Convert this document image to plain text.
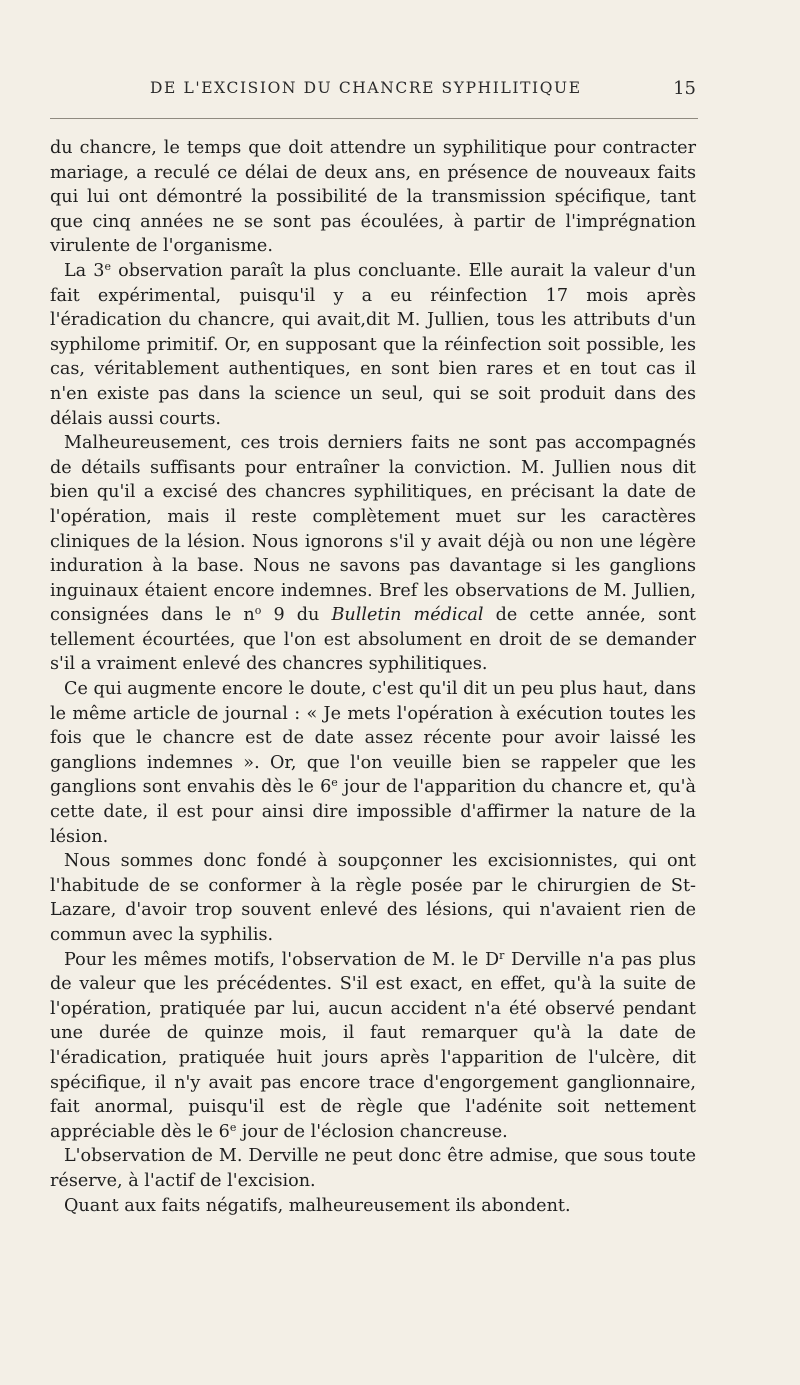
DE L'EXCISION DU CHANCRE SYPHILITIQUE	15

du chancre, le temps que doit attendre un syphilitique pour contracter mariage, a reculé ce délai de deux ans, en présence de nouveaux faits qui lui ont démontré la possibilité de la transmission spécifique, tant que cinq années ne se sont pas écoulées, à partir de l'imprégnation virulente de l'organisme.

La 3e observation paraît la plus concluante. Elle aurait la valeur d'un fait expérimental, puisqu'il y a eu réinfection 17 mois après l'éradication du chancre, qui avait,dit M. Jullien, tous les attributs d'un syphilome primitif. Or, en supposant que la réinfection soit possible, les cas, véritablement authentiques, en sont bien rares et en tout cas il n'en existe pas dans la science un seul, qui se soit produit dans des délais aussi courts.

Malheureusement, ces trois derniers faits ne sont pas accompagnés de détails suffisants pour entraîner la conviction. M. Jullien nous dit bien qu'il a excisé des chancres syphilitiques, en précisant la date de l'opération, mais il reste complètement muet sur les caractères cliniques de la lésion. Nous ignorons s'il y avait déjà ou non une légère induration à la base. Nous ne savons pas davantage si les ganglions inguinaux étaient encore indemnes. Bref les observations de M. Jullien, consignées dans le $n^o$ 9 du Bulletin médical de cette année, sont tellement écourtées, que l'on est absolument en droit de se demander s'il a vraiment enlevé des chancres syphilitiques.

Ce qui augmente encore le doute, c'est qu'il dit un peu plus haut, dans le même article de journal : « Je mets l'opération à exécution toutes les fois que le chancre est de date assez récente pour avoir laissé les ganglions indemnes ». Or, que l'on veuille bien se rappeler que les ganglions sont envahis dès le 6e jour de l'apparition du chancre et, qu'à cette date, il est pour ainsi dire impossible d'affirmer la nature de la lésion.

Nous sommes donc fondé à soupçonner les excisionnistes, qui ont l'habitude de se conformer à la règle posée par le chirurgien de St-Lazare, d'avoir trop souvent enlevé des lésions, qui n'avaient rien de commun avec la syphilis.

Pour les mêmes motifs, l'observation de M. le $D^r$ Derville n'a pas plus de valeur que les précédentes. S'il est exact, en effet, qu'à la suite de l'opération, pratiquée par lui, aucun accident n'a été observé pendant une durée de quinze mois, il faut remarquer qu'à la date de l'éradication, pratiquée huit jours après l'apparition de l'ulcère, dit spécifique, il n'y avait pas encore trace d'engorgement ganglionnaire, fait anormal, puisqu'il est de règle que l'adénite soit nettement appréciable dès le 6e jour de l'éclosion chancreuse.

L'observation de M. Derville ne peut donc être admise, que sous toute réserve, à l'actif de l'excision.

Quant aux faits négatifs, malheureusement ils abondent.
